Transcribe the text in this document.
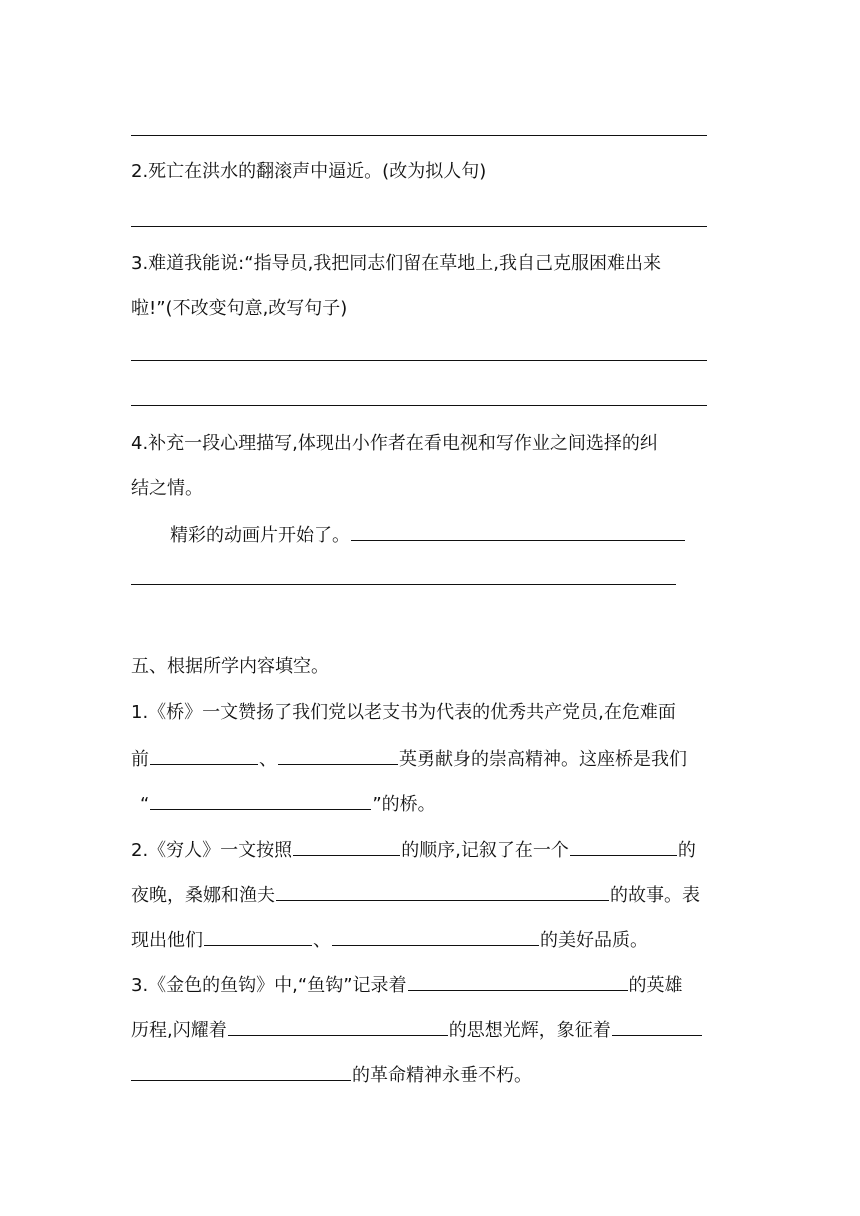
2.死亡在洪水的翻滚声中逼近。(改为拟人句)
3.难道我能说:“指导员,我把同志们留在草地上,我自己克服困难出来
啦!”(不改变句意,改写句子)
4.补充一段心理描写,体现出小作者在看电视和写作业之间选择的纠
结之情。
精彩的动画片开始了。
五、根据所学内容填空。
1.《桥》一文赞扬了我们党以老支书为代表的优秀共产党员,在危难面
前	、	英勇献身的崇高精神。这座桥是我们
“	”的桥。
2.《穷人》一文按照	的顺序,记叙了在一个	的
夜晚，桑娜和渔夫	的故事。表
现出他们	、	的美好品质。
3.《金色的鱼钩》中,“鱼钩”记录着	的英雄
历程,闪耀着	的思想光辉，象征着
的革命精神永垂不朽。
